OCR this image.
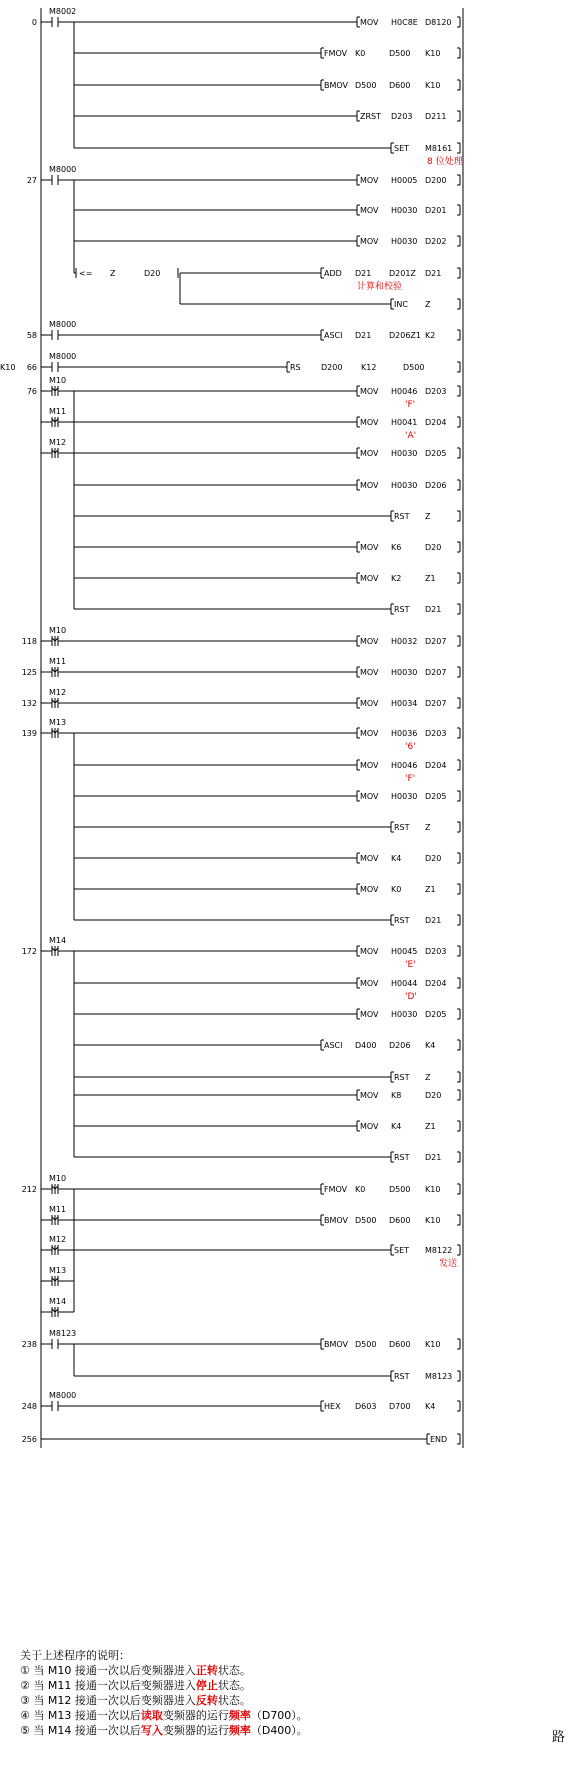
0
M8002
MOV H0C8E D8120
FMOV K0	D500 K10
BMOV D500 D600 K10
ZRST D203 D211
SET M8161
8 位处理
27
M8000
MOV H0005 D200
MOV H0030 D201
MOV H0030 D202
<= Z	D20	ADD D21 D201Z D21
计算和校验
INC Z
58
M8000
ASCI D21 D206Z1 K2
66
M8000
RS	D200 K12	D500
K10
76
M10
MOV H0046 D203
'F'
M11
MOV H0041 D204
'A'
M12
MOV H0030 D205
MOV H0030 D206
RST Z
MOV K6	D20
MOV K2	Z1
RST D21
118
M10
MOV H0032 D207
125
M11
MOV H0030 D207
132
M12
MOV H0034 D207
139
M13
MOV H0036 D203
'6'
MOV H0046 D204
'F'
MOV H0030 D205
RST Z
MOV K4	D20
MOV K0	Z1
RST D21
172
M14
MOV H0045 D203
'E'
MOV H0044 D204
'D'
MOV H0030 D205
ASCI D400 D206 K4
RST Z
MOV K8	D20
MOV K4	Z1
RST D21
212
M10
FMOV K0	D500 K10
M11
BMOV D500 D600 K10
M12
SET M8122
发送
M13
M14
238
M8123
BMOV D500 D600 K10
RST M8123
248
M8000
HEX D603 D700 K4
256	END
关于上述程序的说明：
① 当 M10 接通一次以后变频器进入正转状态。
② 当 M11 接通一次以后变频器进入停止状态。
③ 当 M12 接通一次以后变频器进入反转状态。
④ 当 M13 接通一次以后读取变频器的运行频率（D700）。
⑤ 当 M14 接通一次以后写入变频器的运行频率（D400）。	路
